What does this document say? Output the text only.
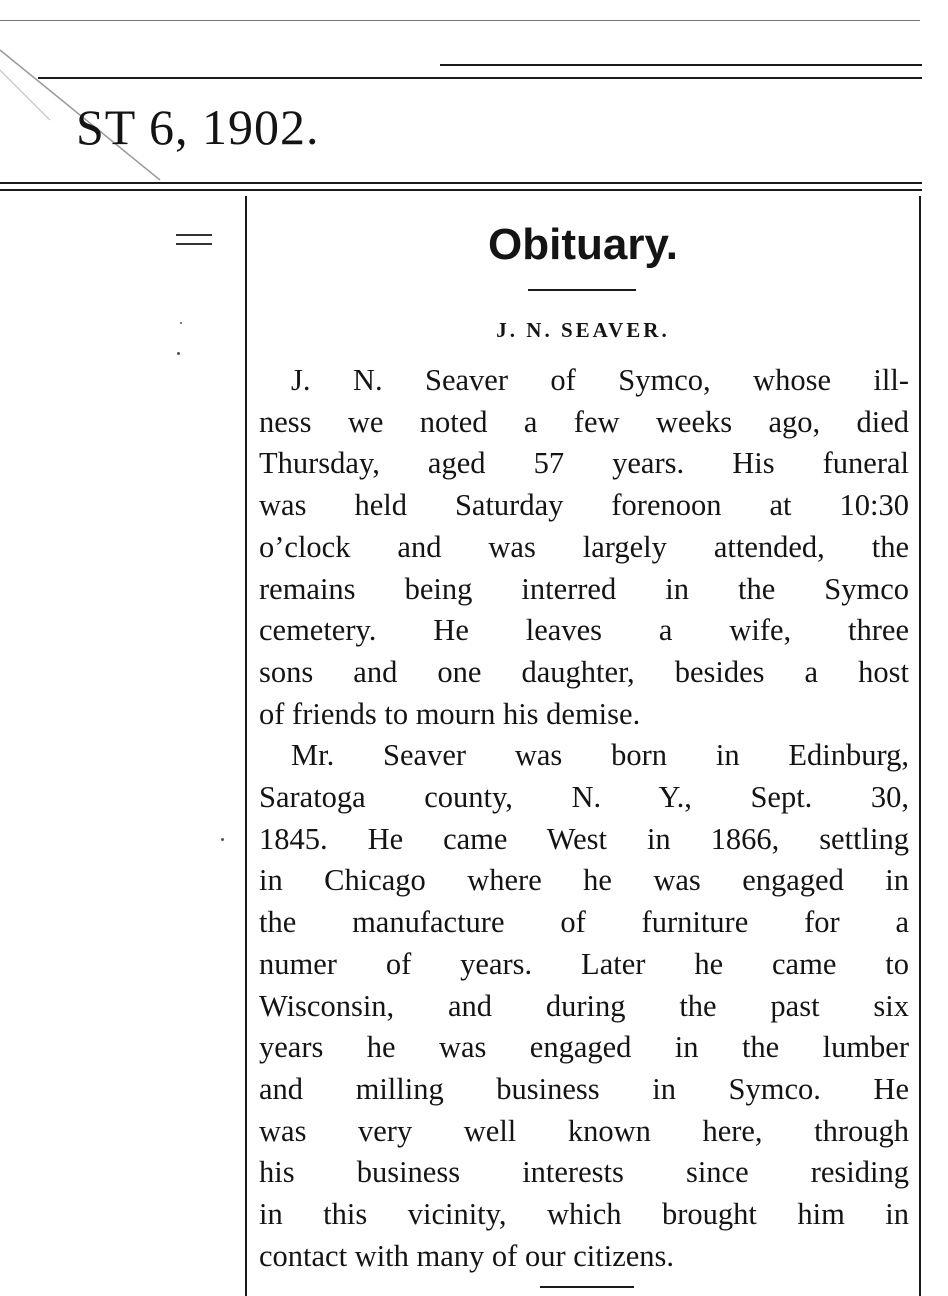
ST 6, 1902.
Obituary.
J. N. SEAVER.
J. N. Seaver of Symco, whose ill-
ness we noted a few weeks ago, died
Thursday, aged 57 years. His funeral
was held Saturday forenoon at 10:30
o’clock and was largely attended, the
remains being interred in the Symco
cemetery. He leaves a wife, three
sons and one daughter, besides a host
of friends to mourn his demise.
Mr. Seaver was born in Edinburg,
Saratoga county, N. Y., Sept. 30,
1845. He came West in 1866, settling
in Chicago where he was engaged in
the manufacture of furniture for a
numer of years. Later he came to
Wisconsin, and during the past six
years he was engaged in the lumber
and milling business in Symco. He
was very well known here, through
his business interests since residing
in this vicinity, which brought him in
contact with many of our citizens.
